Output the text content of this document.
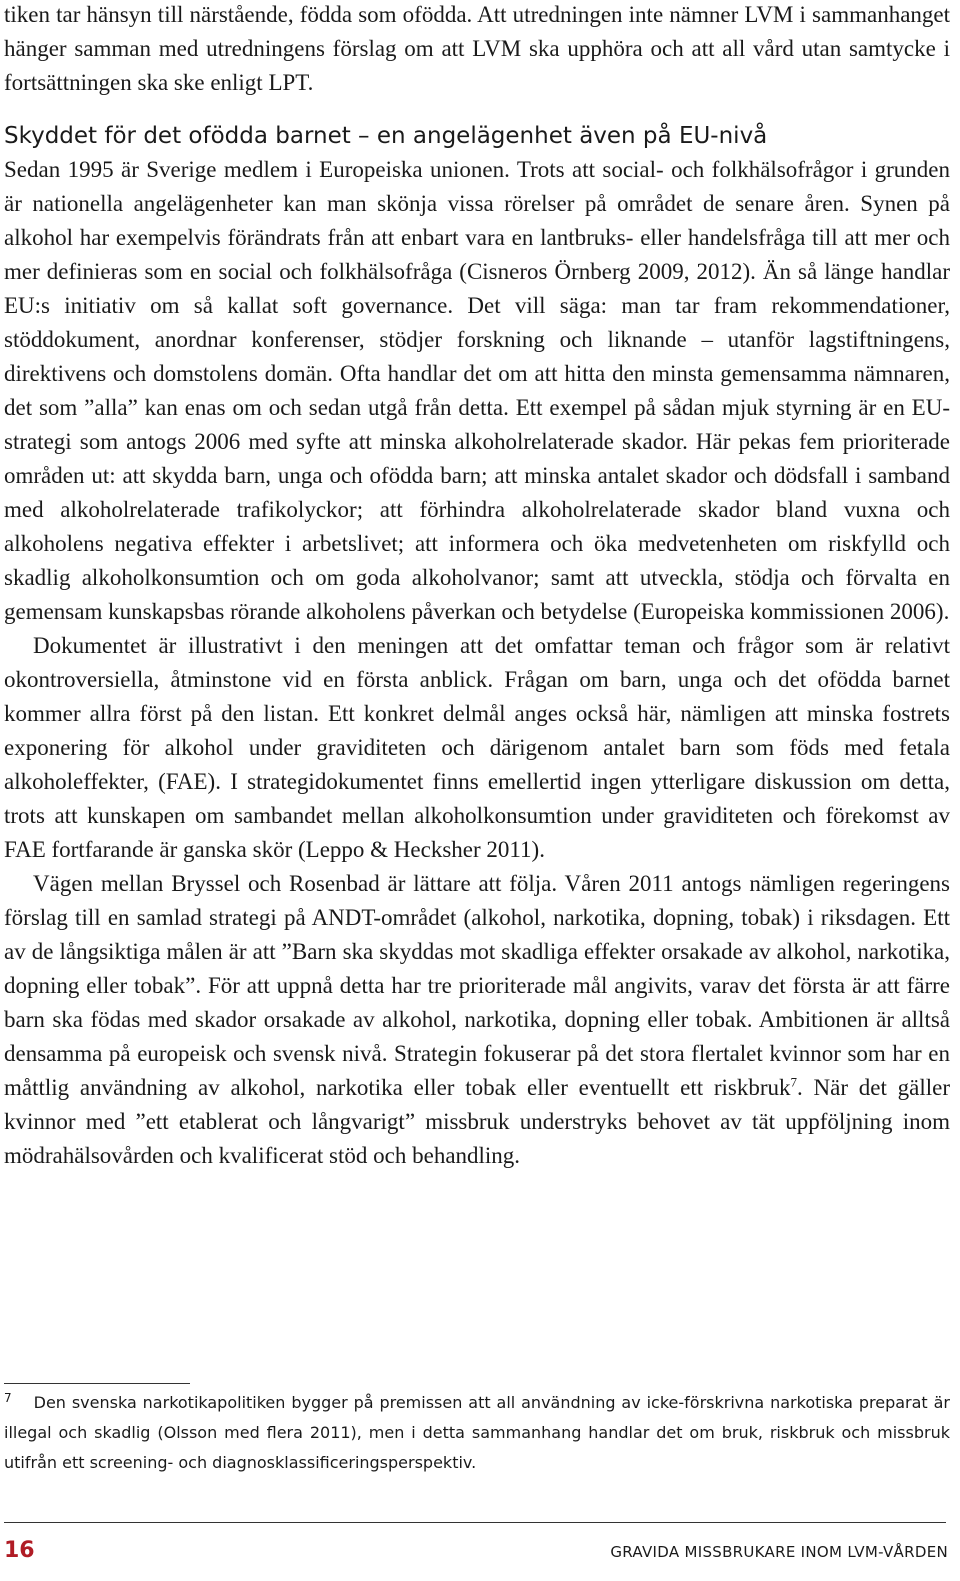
tiken tar hänsyn till närstående, födda som ofödda. Att utredningen inte nämner LVM i sammanhanget hänger samman med utredningens förslag om att LVM ska upphöra och att all vård utan samtycke i fortsättningen ska ske enligt LPT.

Skyddet för det ofödda barnet – en angelägenhet även på EU-nivå

Sedan 1995 är Sverige medlem i Europeiska unionen. Trots att social- och folkhälsofrågor i grunden är nationella angelägenheter kan man skönja vissa rörelser på området de senare åren. Synen på alkohol har exempelvis förändrats från att enbart vara en lantbruks- eller handelsfråga till att mer och mer definieras som en social och folkhälsofråga (Cisneros Örnberg 2009, 2012). Än så länge handlar EU:s initiativ om så kallat soft governance. Det vill säga: man tar fram rekommendationer, stöddokument, anordnar konferenser, stödjer forskning och liknande – utanför lagstiftningens, direktivens och domstolens domän. Ofta handlar det om att hitta den minsta gemensamma nämnaren, det som ”alla” kan enas om och sedan utgå från detta. Ett exempel på sådan mjuk styrning är en EU-strategi som antogs 2006 med syfte att minska alkoholrelaterade skador. Här pekas fem prioriterade områden ut: att skydda barn, unga och ofödda barn; att minska antalet skador och dödsfall i samband med alkoholrelaterade trafikolyckor; att förhindra alkoholrelaterade skador bland vuxna och alkoholens negativa effekter i arbetslivet; att informera och öka medvetenheten om riskfylld och skadlig alkoholkonsumtion och om goda alkoholvanor; samt att utveckla, stödja och förvalta en gemensam kunskapsbas rörande alkoholens påverkan och betydelse (Europeiska kommissionen 2006).

Dokumentet är illustrativt i den meningen att det omfattar teman och frågor som är relativt okontroversiella, åtminstone vid en första anblick. Frågan om barn, unga och det ofödda barnet kommer allra först på den listan. Ett konkret delmål anges också här, nämligen att minska fostrets exponering för alkohol under graviditeten och därigenom antalet barn som föds med fetala alkoholeffekter, (FAE). I strategidokumentet finns emellertid ingen ytterligare diskussion om detta, trots att kunskapen om sambandet mellan alkoholkonsumtion under graviditeten och förekomst av FAE fortfarande är ganska skör (Leppo & Hecksher 2011).

Vägen mellan Bryssel och Rosenbad är lättare att följa. Våren 2011 antogs nämligen regeringens förslag till en samlad strategi på ANDT-området (alkohol, narkotika, dopning, tobak) i riksdagen. Ett av de långsiktiga målen är att ”Barn ska skyddas mot skadliga effekter orsakade av alkohol, narkotika, dopning eller tobak”. För att uppnå detta har tre prioriterade mål angivits, varav det första är att färre barn ska födas med skador orsakade av alkohol, narkotika, dopning eller tobak. Ambitionen är alltså densamma på europeisk och svensk nivå. Strategin fokuserar på det stora flertalet kvinnor som har en måttlig användning av alkohol, narkotika eller tobak eller eventuellt ett riskbruk$^7$. När det gäller kvinnor med ”ett etablerat och långvarigt” missbruk understryks behovet av tät uppföljning inom mödrahälsovården och kvalificerat stöd och behandling.

$^7$ Den svenska narkotikapolitiken bygger på premissen att all användning av icke-förskrivna narkotiska preparat är illegal och skadlig (Olsson med flera 2011), men i detta sammanhang handlar det om bruk, riskbruk och missbruk utifrån ett screening- och diagnosklassificeringsperspektiv.

16	GRAVIDA MISSBRUKARE INOM LVM-VÅRDEN
